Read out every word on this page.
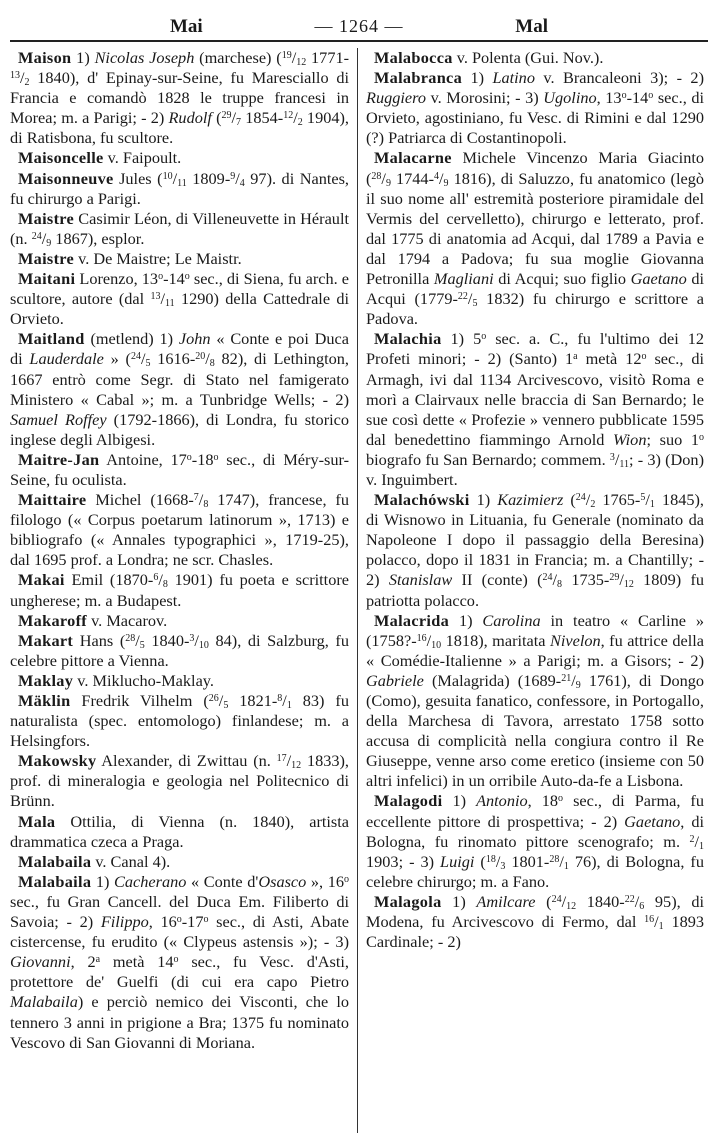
Mai	— 1264 —	Mal

Maison 1) Nicolas Joseph (marchese) ($^{19}/_{12}$ $1771-^{13}/_2$ 1840), d' Epinay-sur-Seine, fu Maresciallo di Francia e comandò 1828 le truppe francesi in Morea; m. a Parigi; - 2) Rudolf ($^{29}/_7$ $1854-^{12}/_2$ 1904), di Ratisbona, fu scultore.

Maisoncelle v. Faipoult.

Maisonneuve Jules ($^{10}/_{11}$ $1809-^9/_4$ 97). di Nantes, fu chirurgo a Parigi.

Maistre Casimir Léon, di Villeneuvette in Hérault (n. $^{24}/_9$ 1867), esplor.

Maistre v. De Maistre; Le Maistr.

Maitani Lorenzo, 13$^o$-14$^o$ sec., di Siena, fu arch. e scultore, autore (dal $^{13}/_{11}$ 1290) della Cattedrale di Orvieto.

Maitland (metlend) 1) John « Conte e poi Duca di Lauderdale » ($^{24}/_5$ $1616-^{20}/_8$ 82), di Lethington, 1667 entrò come Segr. di Stato nel famigerato Ministero « Cabal »; m. a Tunbridge Wells; - 2) Samuel Roffey (1792-1866), di Londra, fu storico inglese degli Albigesi.

Maitre-Jan Antoine, 17$^o$-18$^o$ sec., di Méry-sur-Seine, fu oculista.

Maittaire Michel ($1668-^7/_8$ 1747), francese, fu filologo (« Corpus poetarum latinorum », 1713) e bibliografo (« Annales typographici », 1719-25), dal 1695 prof. a Londra; ne scr. Chasles.

Makai Emil ($1870-^6/_8$ 1901) fu poeta e scrittore ungherese; m. a Budapest.

Makaroff v. Macarov.

Makart Hans ($^{28}/_5$ $1840-^3/_{10}$ 84), di Salzburg, fu celebre pittore a Vienna.

Maklay v. Miklucho-Maklay.

Mäklin Fredrik Vilhelm ($^{26}/_5$ $1821-^8/_1$ 83) fu naturalista (spec. entomologo) finlandese; m. a Helsingfors.

Makowsky Alexander, di Zwittau (n. $^{17}/_{12}$ 1833), prof. di mineralogia e geologia nel Politecnico di Brünn.

Mala Ottilia, di Vienna (n. 1840), artista drammatica czeca a Praga.

Malabaila v. Canal 4).

Malabaila 1) Cacherano « Conte d'Osasco », 16$^o$ sec., fu Gran Cancell. del Duca Em. Filiberto di Savoia; - 2) Filippo, 16$^o$-17$^o$ sec., di Asti, Abate cistercense, fu erudito (« Clypeus astensis »); - 3) Giovanni, 2$^a$ metà 14$^o$ sec., fu Vesc. d'Asti, protettore de' Guelfi (di cui era capo Pietro Malabaila) e perciò nemico dei Visconti, che lo tennero 3 anni in prigione a Bra; 1375 fu nominato Vescovo di San Giovanni di Moriana.

Malabocca v. Polenta (Gui. Nov.).

Malabranca 1) Latino v. Brancaleoni 3); - 2) Ruggiero v. Morosini; - 3) Ugolino, 13$^o$-14$^o$ sec., di Orvieto, agostiniano, fu Vesc. di Rimini e dal 1290 (?) Patriarca di Costantinopoli.

Malacarne Michele Vincenzo Maria Giacinto ($^{28}/_9$ $1744-^4/_9$ 1816), di Saluzzo, fu anatomico (legò il suo nome all' estremità posteriore piramidale del Vermis del cervelletto), chirurgo e letterato, prof. dal 1775 di anatomia ad Acqui, dal 1789 a Pavia e dal 1794 a Padova; fu sua moglie Giovanna Petronilla Magliani di Acqui; suo figlio Gaetano di Acqui ($1779-^{22}/_5$ 1832) fu chirurgo e scrittore a Padova.

Malachia 1) 5$^o$ sec. a. C., fu l'ultimo dei 12 Profeti minori; - 2) (Santo) 1$^a$ metà 12$^o$ sec., di Armagh, ivi dal 1134 Arcivescovo, visitò Roma e morì a Clairvaux nelle braccia di San Bernardo; le sue così dette « Profezie » vennero pubblicate 1595 dal benedettino fiammingo Arnold Wion; suo 1$^o$ biografo fu San Bernardo; commem. $^3/_{11}$; - 3) (Don) v. Inguimbert.

Malachówski 1) Kazimierz ($^{24}/_2$ $1765-^5/_1$ 1845), di Wisnowo in Lituania, fu Generale (nominato da Napoleone I dopo il passaggio della Beresina) polacco, dopo il 1831 in Francia; m. a Chantilly; - 2) Stanislaw II (conte) ($^{24}/_8$ $1735-^{29}/_{12}$ 1809) fu patriotta polacco.

Malacrida 1) Carolina in teatro « Carline » ($1758?-^{16}/_{10}$ 1818), maritata Nivelon, fu attrice della « Comédie-Italienne » a Parigi; m. a Gisors; - 2) Gabriele (Malagrida) ($1689-^{21}/_9$ 1761), di Dongo (Como), gesuita fanatico, confessore, in Portogallo, della Marchesa di Tavora, arrestato 1758 sotto accusa di complicità nella congiura contro il Re Giuseppe, venne arso come eretico (insieme con 50 altri infelici) in un orribile Auto-da-fe a Lisbona.

Malagodi 1) Antonio, 18$^o$ sec., di Parma, fu eccellente pittore di prospettiva; - 2) Gaetano, di Bologna, fu rinomato pittore scenografo; m. $^2/_1$ 1903; - 3) Luigi ($^{18}/_3$ $1801-^{28}/_1$ 76), di Bologna, fu celebre chirurgo; m. a Fano.

Malagola 1) Amilcare ($^{24}/_{12}$ $1840-^{22}/_6$ 95), di Modena, fu Arcivescovo di Fermo, dal $^{16}/_1$ 1893 Cardinale; - 2)
